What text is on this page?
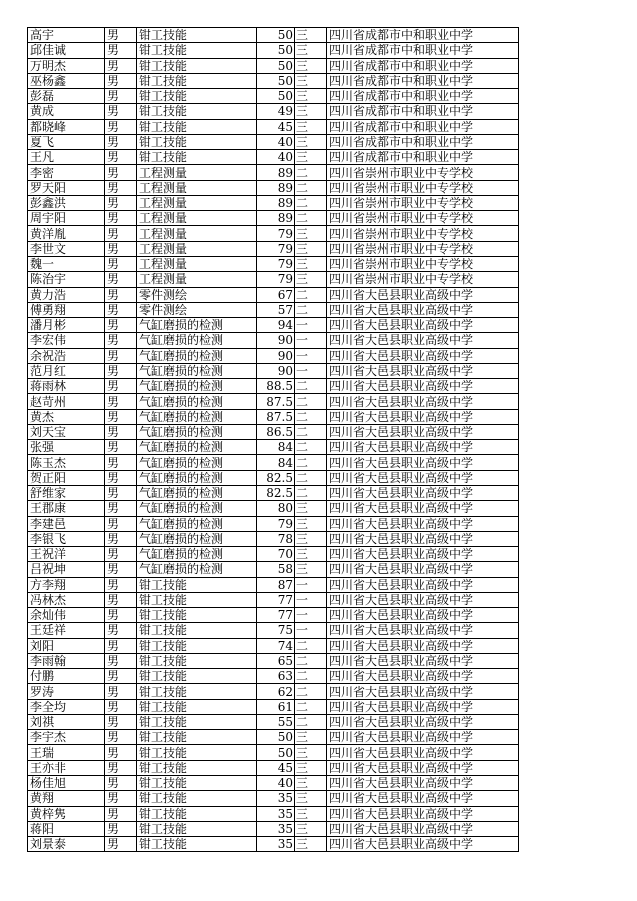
高宇	男	钳工技能	50	三	四川省成都市中和职业中学
邱佳诚	男	钳工技能	50	三	四川省成都市中和职业中学
万明杰	男	钳工技能	50	三	四川省成都市中和职业中学
巫杨鑫	男	钳工技能	50	三	四川省成都市中和职业中学
彭磊	男	钳工技能	50	三	四川省成都市中和职业中学
黄成	男	钳工技能	49	三	四川省成都市中和职业中学
都晓峰	男	钳工技能	45	三	四川省成都市中和职业中学
夏飞	男	钳工技能	40	三	四川省成都市中和职业中学
王凡	男	钳工技能	40	三	四川省成都市中和职业中学
李密	男	工程测量	89	二	四川省崇州市职业中专学校
罗天阳	男	工程测量	89	二	四川省崇州市职业中专学校
彭鑫洪	男	工程测量	89	二	四川省崇州市职业中专学校
周宇阳	男	工程测量	89	二	四川省崇州市职业中专学校
黄洋胤	男	工程测量	79	三	四川省崇州市职业中专学校
李世文	男	工程测量	79	三	四川省崇州市职业中专学校
魏一	男	工程测量	79	三	四川省崇州市职业中专学校
陈治宇	男	工程测量	79	三	四川省崇州市职业中专学校
黄力浩	男	零件测绘	67	二	四川省大邑县职业高级中学
傅勇翔	男	零件测绘	57	二	四川省大邑县职业高级中学
潘月彬	男	气缸磨损的检测	94	一	四川省大邑县职业高级中学
李宏伟	男	气缸磨损的检测	90	一	四川省大邑县职业高级中学
余祝浩	男	气缸磨损的检测	90	一	四川省大邑县职业高级中学
范月红	男	气缸磨损的检测	90	一	四川省大邑县职业高级中学
蒋雨林	男	气缸磨损的检测	88.5	二	四川省大邑县职业高级中学
赵苛州	男	气缸磨损的检测	87.5	二	四川省大邑县职业高级中学
黄杰	男	气缸磨损的检测	87.5	二	四川省大邑县职业高级中学
刘天宝	男	气缸磨损的检测	86.5	二	四川省大邑县职业高级中学
张强	男	气缸磨损的检测	84	二	四川省大邑县职业高级中学
陈玉杰	男	气缸磨损的检测	84	二	四川省大邑县职业高级中学
贺正阳	男	气缸磨损的检测	82.5	二	四川省大邑县职业高级中学
舒维家	男	气缸磨损的检测	82.5	二	四川省大邑县职业高级中学
王郡康	男	气缸磨损的检测	80	三	四川省大邑县职业高级中学
李建邑	男	气缸磨损的检测	79	三	四川省大邑县职业高级中学
李银飞	男	气缸磨损的检测	78	三	四川省大邑县职业高级中学
王祝洋	男	气缸磨损的检测	70	三	四川省大邑县职业高级中学
吕祝坤	男	气缸磨损的检测	58	三	四川省大邑县职业高级中学
方李翔	男	钳工技能	87	一	四川省大邑县职业高级中学
冯林杰	男	钳工技能	77	一	四川省大邑县职业高级中学
余灿伟	男	钳工技能	77	一	四川省大邑县职业高级中学
王廷祥	男	钳工技能	75	一	四川省大邑县职业高级中学
刘阳	男	钳工技能	74	二	四川省大邑县职业高级中学
李雨翰	男	钳工技能	65	二	四川省大邑县职业高级中学
付鹏	男	钳工技能	63	二	四川省大邑县职业高级中学
罗涛	男	钳工技能	62	二	四川省大邑县职业高级中学
李全均	男	钳工技能	61	二	四川省大邑县职业高级中学
刘祺	男	钳工技能	55	二	四川省大邑县职业高级中学
李宇杰	男	钳工技能	50	三	四川省大邑县职业高级中学
王瑞	男	钳工技能	50	三	四川省大邑县职业高级中学
王亦非	男	钳工技能	45	三	四川省大邑县职业高级中学
杨佳旭	男	钳工技能	40	三	四川省大邑县职业高级中学
黄翔	男	钳工技能	35	三	四川省大邑县职业高级中学
黄梓隽	男	钳工技能	35	三	四川省大邑县职业高级中学
蒋阳	男	钳工技能	35	三	四川省大邑县职业高级中学
刘景泰	男	钳工技能	35	三	四川省大邑县职业高级中学
